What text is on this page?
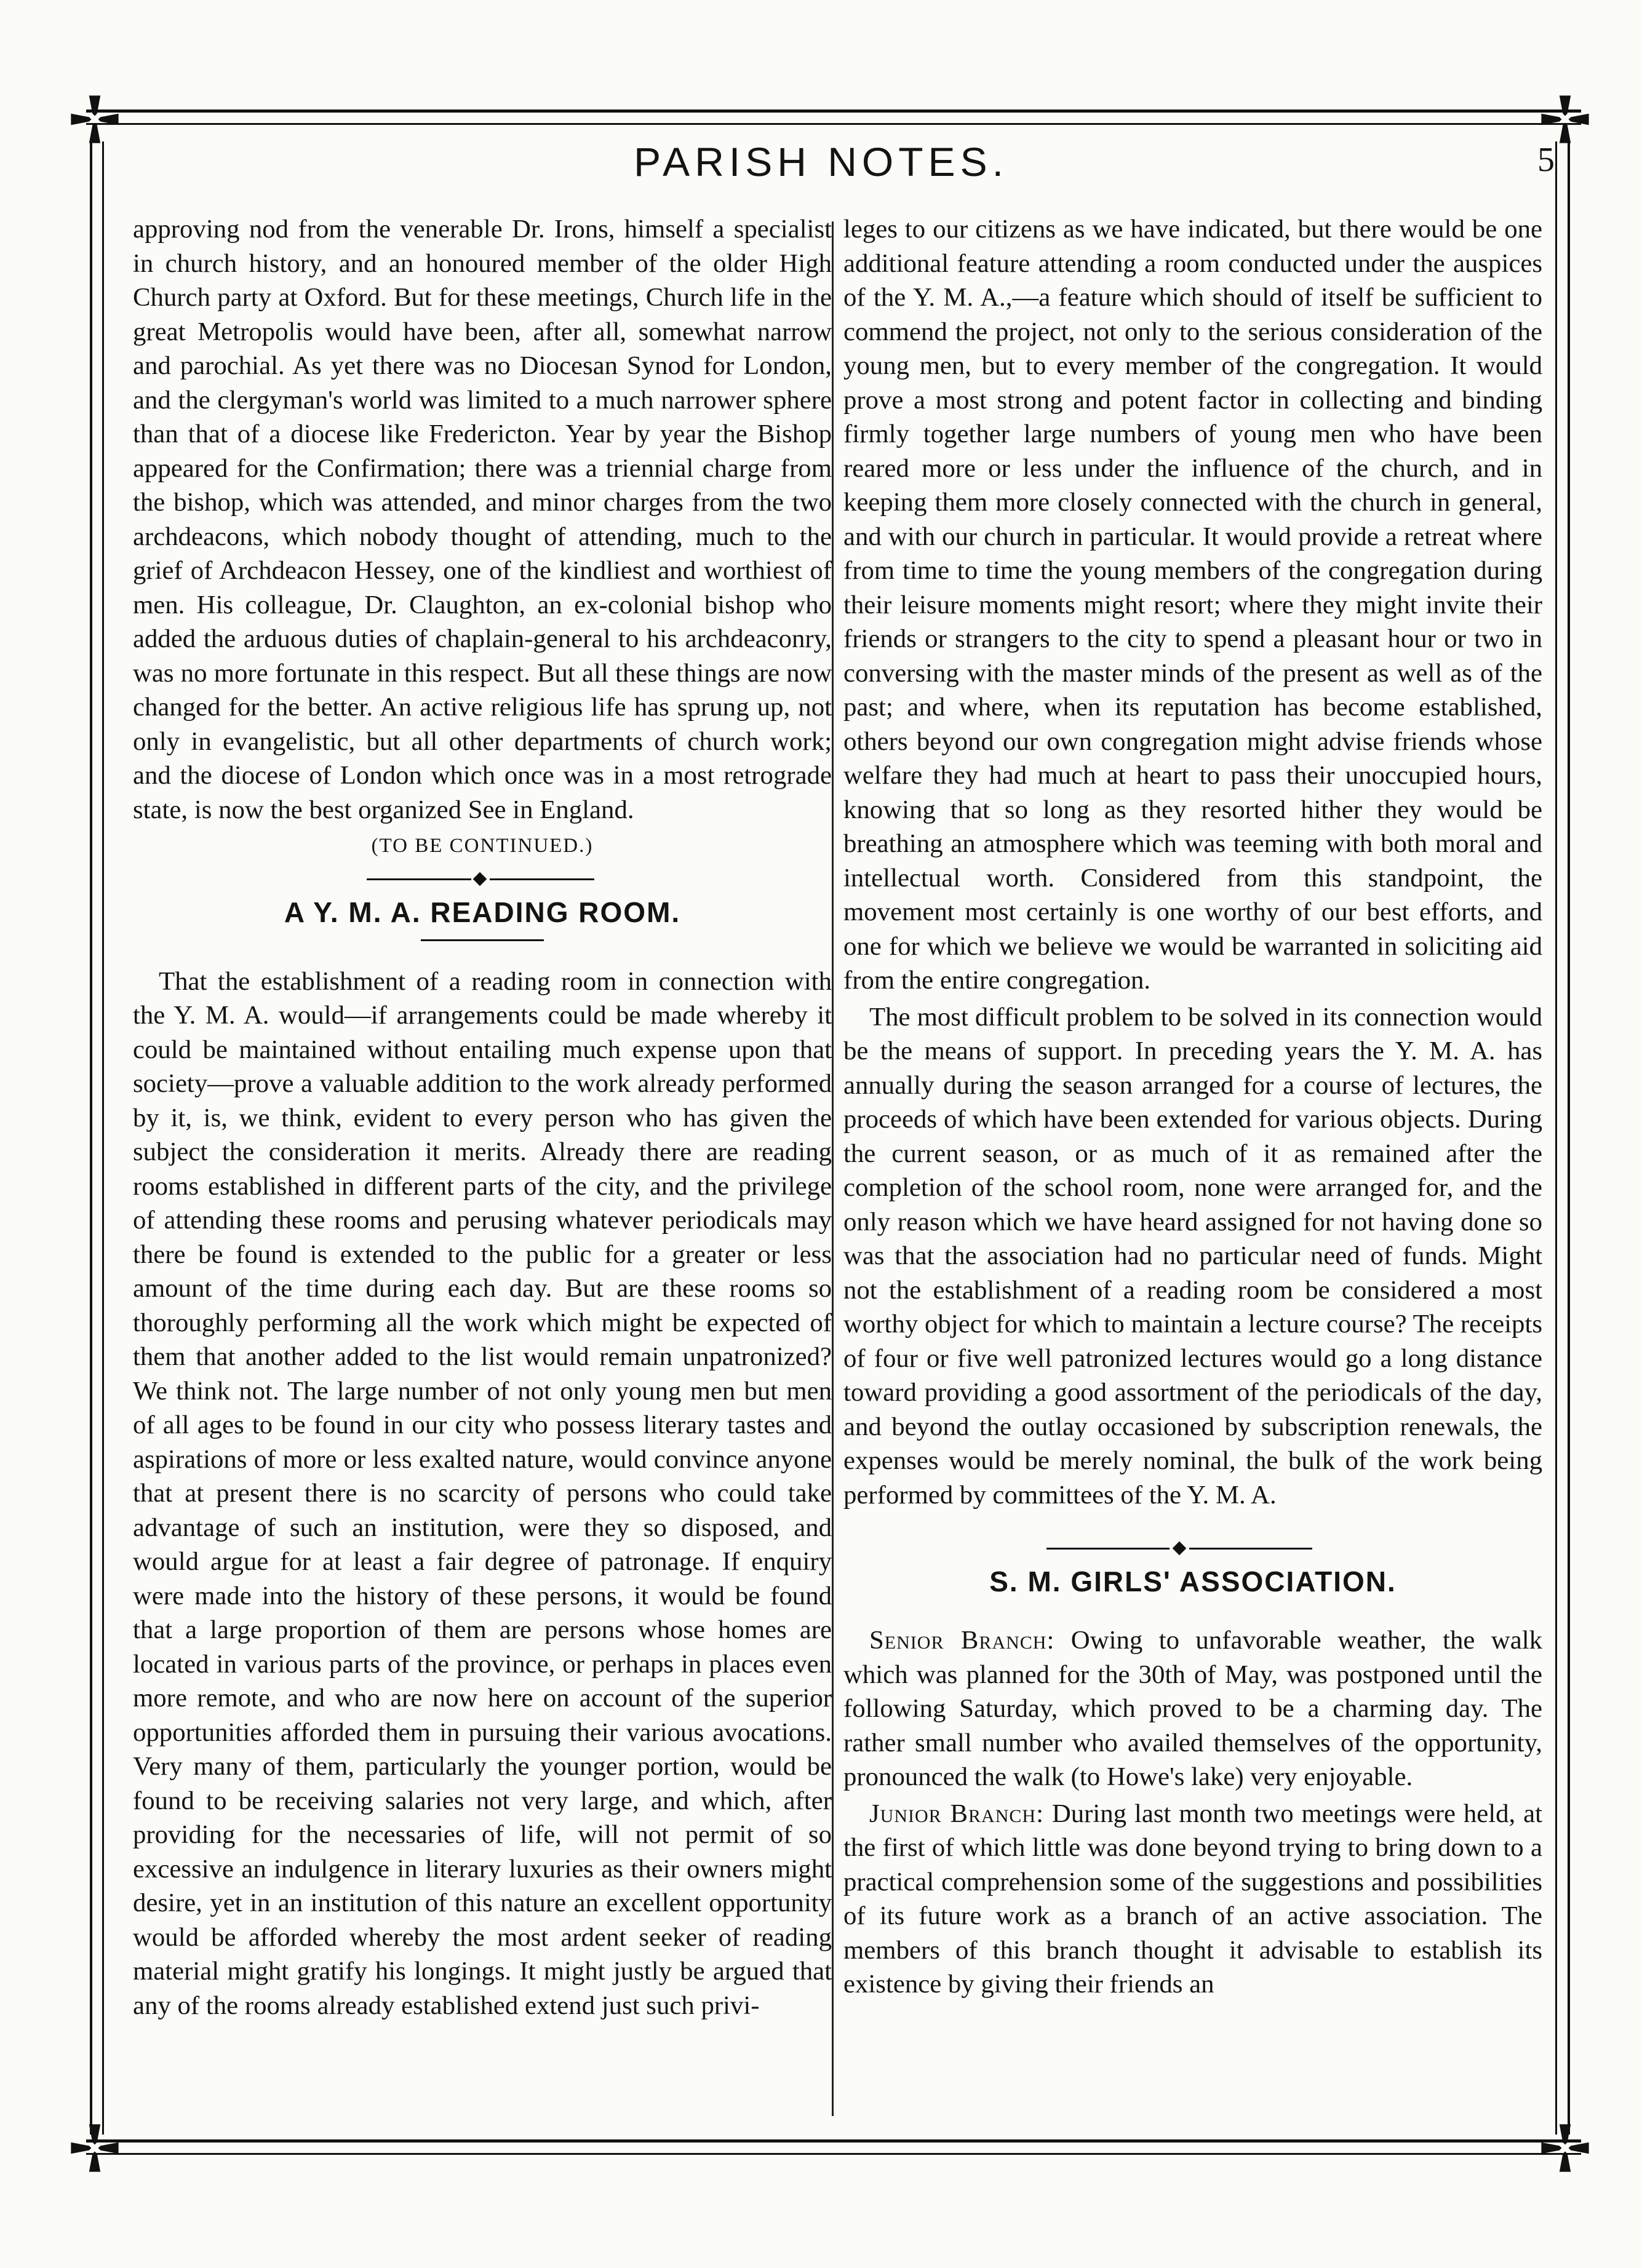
PARISH NOTES.	5

approving nod from the venerable Dr. Irons, himself a specialist in church history, and an honoured member of the older High Church party at Oxford. But for these meetings, Church life in the great Metropolis would have been, after all, somewhat narrow and parochial. As yet there was no Diocesan Synod for London, and the clergyman's world was limited to a much narrower sphere than that of a diocese like Fredericton. Year by year the Bishop appeared for the Confirmation; there was a triennial charge from the bishop, which was attended, and minor charges from the two archdeacons, which nobody thought of attending, much to the grief of Archdeacon Hessey, one of the kindliest and worthiest of men. His colleague, Dr. Claughton, an ex-colonial bishop who added the arduous duties of chaplain-general to his archdeaconry, was no more fortunate in this respect. But all these things are now changed for the better. An active religious life has sprung up, not only in evangelistic, but all other departments of church work; and the diocese of London which once was in a most retrograde state, is now the best organized See in England.

(TO BE CONTINUED.)

A Y. M. A. READING ROOM.

That the establishment of a reading room in connection with the Y. M. A. would—if arrangements could be made whereby it could be maintained without entailing much expense upon that society—prove a valuable addition to the work already performed by it, is, we think, evident to every person who has given the subject the consideration it merits. Already there are reading rooms established in different parts of the city, and the privilege of attending these rooms and perusing whatever periodicals may there be found is extended to the public for a greater or less amount of the time during each day. But are these rooms so thoroughly performing all the work which might be expected of them that another added to the list would remain unpatronized? We think not. The large number of not only young men but men of all ages to be found in our city who possess literary tastes and aspirations of more or less exalted nature, would convince anyone that at present there is no scarcity of persons who could take advantage of such an institution, were they so disposed, and would argue for at least a fair degree of patronage. If enquiry were made into the history of these persons, it would be found that a large proportion of them are persons whose homes are located in various parts of the province, or perhaps in places even more remote, and who are now here on account of the superior opportunities afforded them in pursuing their various avocations. Very many of them, particularly the younger portion, would be found to be receiving salaries not very large, and which, after providing for the necessaries of life, will not permit of so excessive an indulgence in literary luxuries as their owners might desire, yet in an institution of this nature an excellent opportunity would be afforded whereby the most ardent seeker of reading material might gratify his longings. It might justly be argued that any of the rooms already established extend just such privi-

leges to our citizens as we have indicated, but there would be one additional feature attending a room conducted under the auspices of the Y. M. A.,—a feature which should of itself be sufficient to commend the project, not only to the serious consideration of the young men, but to every member of the congregation. It would prove a most strong and potent factor in collecting and binding firmly together large numbers of young men who have been reared more or less under the influence of the church, and in keeping them more closely connected with the church in general, and with our church in particular. It would provide a retreat where from time to time the young members of the congregation during their leisure moments might resort; where they might invite their friends or strangers to the city to spend a pleasant hour or two in conversing with the master minds of the present as well as of the past; and where, when its reputation has become established, others beyond our own congregation might advise friends whose welfare they had much at heart to pass their unoccupied hours, knowing that so long as they resorted hither they would be breathing an atmosphere which was teeming with both moral and intellectual worth. Considered from this standpoint, the movement most certainly is one worthy of our best efforts, and one for which we believe we would be warranted in soliciting aid from the entire congregation.

The most difficult problem to be solved in its connection would be the means of support. In preceding years the Y. M. A. has annually during the season arranged for a course of lectures, the proceeds of which have been extended for various objects. During the current season, or as much of it as remained after the completion of the school room, none were arranged for, and the only reason which we have heard assigned for not having done so was that the association had no particular need of funds. Might not the establishment of a reading room be considered a most worthy object for which to maintain a lecture course? The receipts of four or five well patronized lectures would go a long distance toward providing a good assortment of the periodicals of the day, and beyond the outlay occasioned by subscription renewals, the expenses would be merely nominal, the bulk of the work being performed by committees of the Y. M. A.

S. M. GIRLS' ASSOCIATION.

Senior Branch: Owing to unfavorable weather, the walk which was planned for the 30th of May, was postponed until the following Saturday, which proved to be a charming day. The rather small number who availed themselves of the opportunity, pronounced the walk (to Howe's lake) very enjoyable.

Junior Branch: During last month two meetings were held, at the first of which little was done beyond trying to bring down to a practical comprehension some of the suggestions and possibilities of its future work as a branch of an active association. The members of this branch thought it advisable to establish its existence by giving their friends an
